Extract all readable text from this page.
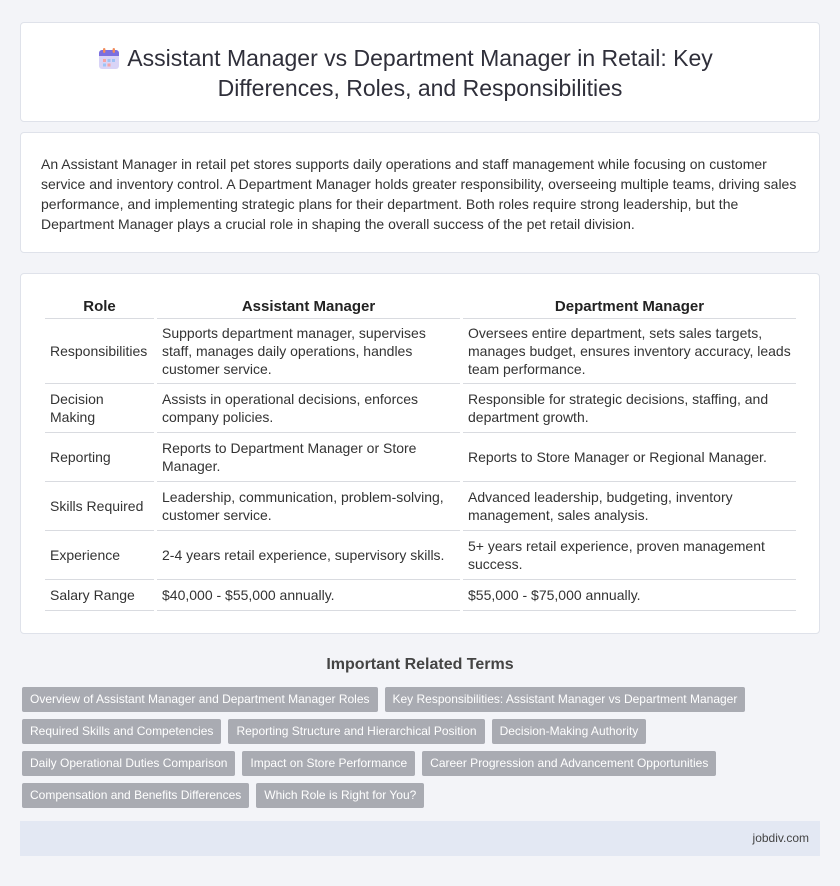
Assistant Manager vs Department Manager in Retail: Key Differences, Roles, and Responsibilities

An Assistant Manager in retail pet stores supports daily operations and staff management while focusing on customer service and inventory control. A Department Manager holds greater responsibility, overseeing multiple teams, driving sales performance, and implementing strategic plans for their department. Both roles require strong leadership, but the Department Manager plays a crucial role in shaping the overall success of the pet retail division.

Role	Assistant Manager	Department Manager
Responsibilities	Supports department manager, supervises staff, manages daily operations, handles customer service.	Oversees entire department, sets sales targets, manages budget, ensures inventory accuracy, leads team performance.
Decision Making	Assists in operational decisions, enforces company policies.	Responsible for strategic decisions, staffing, and department growth.
Reporting	Reports to Department Manager or Store Manager.	Reports to Store Manager or Regional Manager.
Skills Required	Leadership, communication, problem-solving, customer service.	Advanced leadership, budgeting, inventory management, sales analysis.
Experience	2-4 years retail experience, supervisory skills.	5+ years retail experience, proven management success.
Salary Range	$40,000 - $55,000 annually.	$55,000 - $75,000 annually.
Important Related Terms
Overview of Assistant Manager and Department Manager Roles	Key Responsibilities: Assistant Manager vs Department Manager
Required Skills and Competencies	Reporting Structure and Hierarchical Position	Decision-Making Authority
Daily Operational Duties Comparison	Impact on Store Performance	Career Progression and Advancement Opportunities
Compensation and Benefits Differences	Which Role is Right for You?
jobdiv.com
